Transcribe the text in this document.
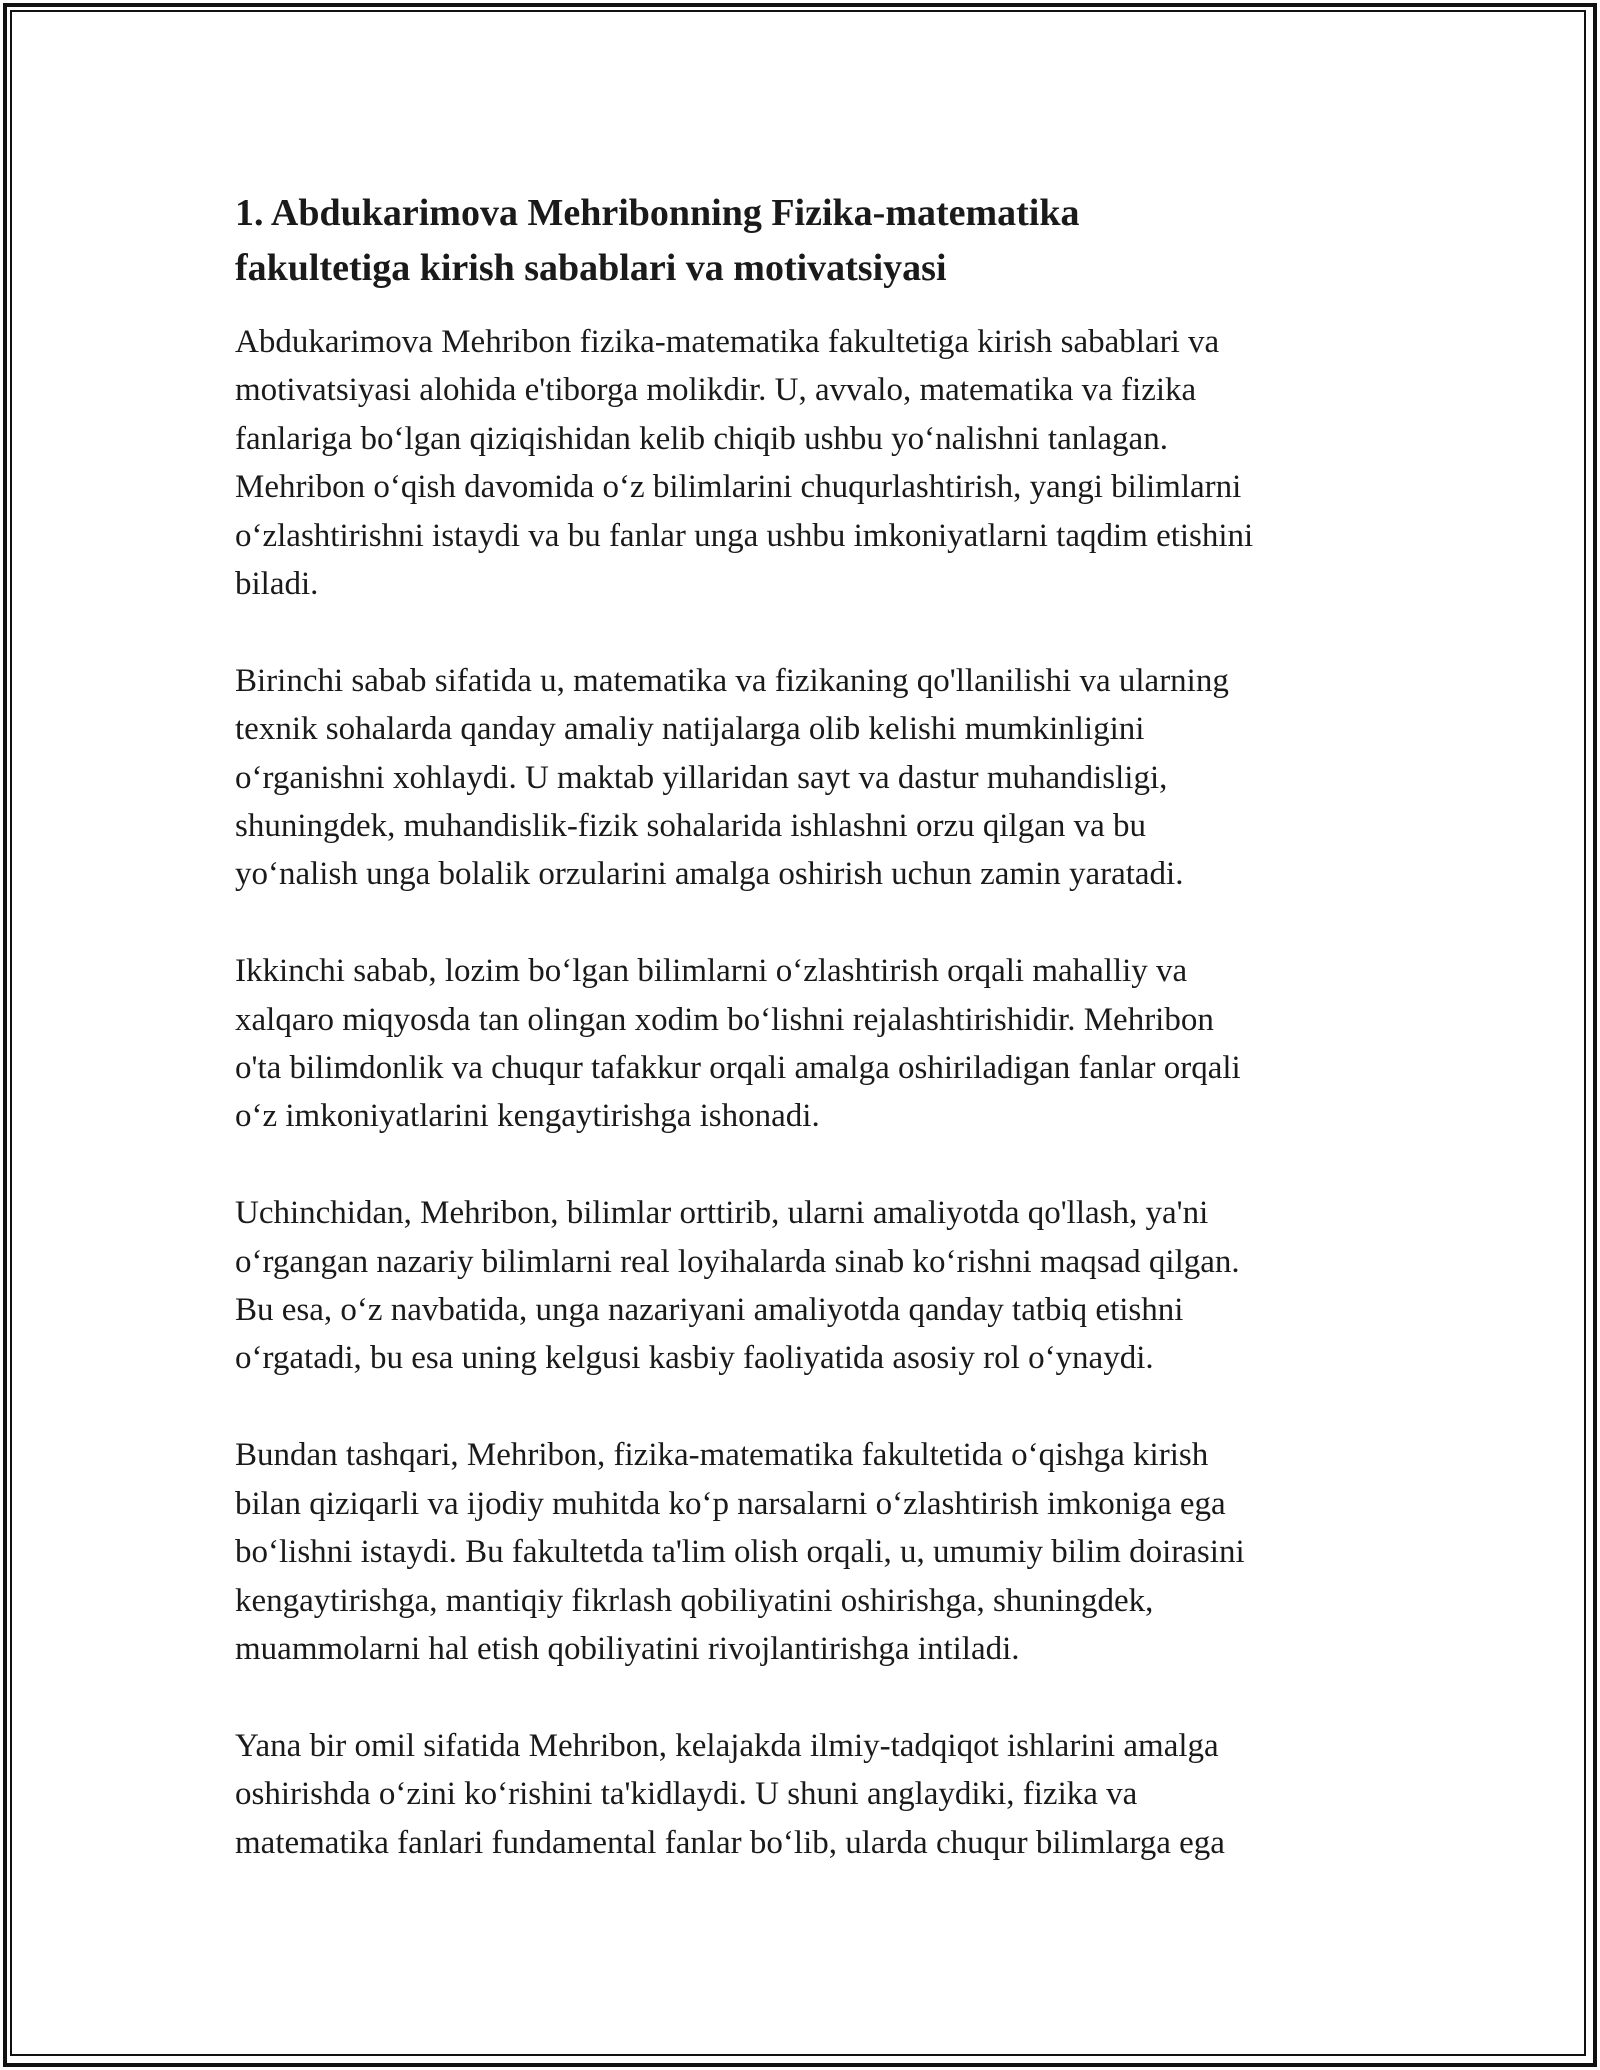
1. Abdukarimova Mehribonning Fizika-matematika
fakultetiga kirish sabablari va motivatsiyasi

Abdukarimova Mehribon fizika-matematika fakultetiga kirish sabablari va
motivatsiyasi alohida e'tiborga molikdir. U, avvalo, matematika va fizika
fanlariga boʻlgan qiziqishidan kelib chiqib ushbu yoʻnalishni tanlagan.
Mehribon oʻqish davomida oʻz bilimlarini chuqurlashtirish, yangi bilimlarni
oʻzlashtirishni istaydi va bu fanlar unga ushbu imkoniyatlarni taqdim etishini
biladi.

Birinchi sabab sifatida u, matematika va fizikaning qo'llanilishi va ularning
texnik sohalarda qanday amaliy natijalarga olib kelishi mumkinligini
oʻrganishni xohlaydi. U maktab yillaridan sayt va dastur muhandisligi,
shuningdek, muhandislik-fizik sohalarida ishlashni orzu qilgan va bu
yoʻnalish unga bolalik orzularini amalga oshirish uchun zamin yaratadi.

Ikkinchi sabab, lozim boʻlgan bilimlarni oʻzlashtirish orqali mahalliy va
xalqaro miqyosda tan olingan xodim boʻlishni rejalashtirishidir. Mehribon
o'ta bilimdonlik va chuqur tafakkur orqali amalga oshiriladigan fanlar orqali
oʻz imkoniyatlarini kengaytirishga ishonadi.

Uchinchidan, Mehribon, bilimlar orttirib, ularni amaliyotda qo'llash, ya'ni
oʻrgangan nazariy bilimlarni real loyihalarda sinab koʻrishni maqsad qilgan.
Bu esa, oʻz navbatida, unga nazariyani amaliyotda qanday tatbiq etishni
oʻrgatadi, bu esa uning kelgusi kasbiy faoliyatida asosiy rol oʻynaydi.

Bundan tashqari, Mehribon, fizika-matematika fakultetida oʻqishga kirish
bilan qiziqarli va ijodiy muhitda koʻp narsalarni oʻzlashtirish imkoniga ega
boʻlishni istaydi. Bu fakultetda ta'lim olish orqali, u, umumiy bilim doirasini
kengaytirishga, mantiqiy fikrlash qobiliyatini oshirishga, shuningdek,
muammolarni hal etish qobiliyatini rivojlantirishga intiladi.

Yana bir omil sifatida Mehribon, kelajakda ilmiy-tadqiqot ishlarini amalga
oshirishda oʻzini koʻrishini ta'kidlaydi. U shuni anglaydiki, fizika va
matematika fanlari fundamental fanlar boʻlib, ularda chuqur bilimlarga ega
